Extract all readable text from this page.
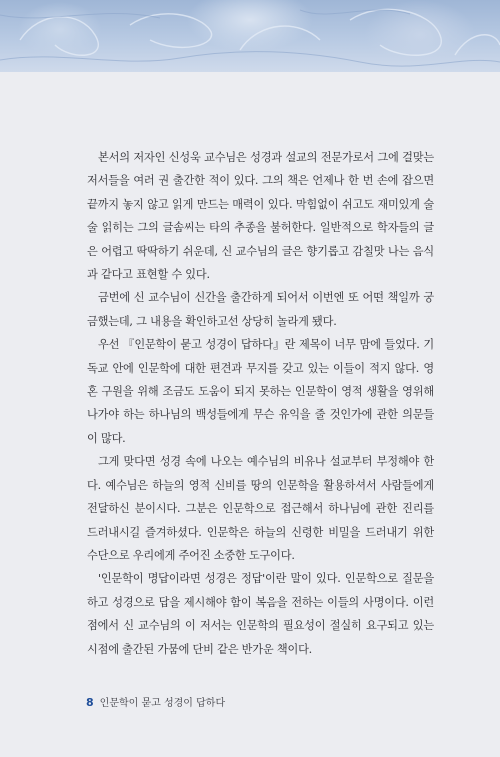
본서의 저자인 신성욱 교수님은 성경과 설교의 전문가로서 그에 걸맞는 저서들을 여러 권 출간한 적이 있다. 그의 책은 언제나 한 번 손에 잡으면 끝까지 놓지 않고 읽게 만드는 매력이 있다. 막힘없이 쉬고도 재미있게 술술 읽히는 그의 글솜씨는 타의 추종을 불허한다. 일반적으로 학자들의 글은 어렵고 딱딱하기 쉬운데, 신 교수님의 글은 향기롭고 감칠맛 나는 음식과 같다고 표현할 수 있다.

금번에 신 교수님이 신간을 출간하게 되어서 이번엔 또 어떤 책일까 궁금했는데, 그 내용을 확인하고선 상당히 놀라게 됐다.

우선 『인문학이 묻고 성경이 답하다』란 제목이 너무 맘에 들었다. 기독교 안에 인문학에 대한 편견과 무지를 갖고 있는 이들이 적지 않다. 영혼 구원을 위해 조금도 도움이 되지 못하는 인문학이 영적 생활을 영위해나가야 하는 하나님의 백성들에게 무슨 유익을 줄 것인가에 관한 의문들이 많다.

그게 맞다면 성경 속에 나오는 예수님의 비유나 설교부터 부정해야 한다. 예수님은 하늘의 영적 신비를 땅의 인문학을 활용하셔서 사람들에게 전달하신 분이시다. 그분은 인문학으로 접근해서 하나님에 관한 진리를 드러내시길 즐겨하셨다. 인문학은 하늘의 신령한 비밀을 드러내기 위한 수단으로 우리에게 주어진 소중한 도구이다.

'인문학이 명답이라면 성경은 정답'이란 말이 있다. 인문학으로 질문을 하고 성경으로 답을 제시해야 함이 복음을 전하는 이들의 사명이다. 이런 점에서 신 교수님의 이 저서는 인문학의 필요성이 절실히 요구되고 있는 시점에 출간된 가뭄에 단비 같은 반가운 책이다.

8 인문학이 묻고 성경이 답하다
